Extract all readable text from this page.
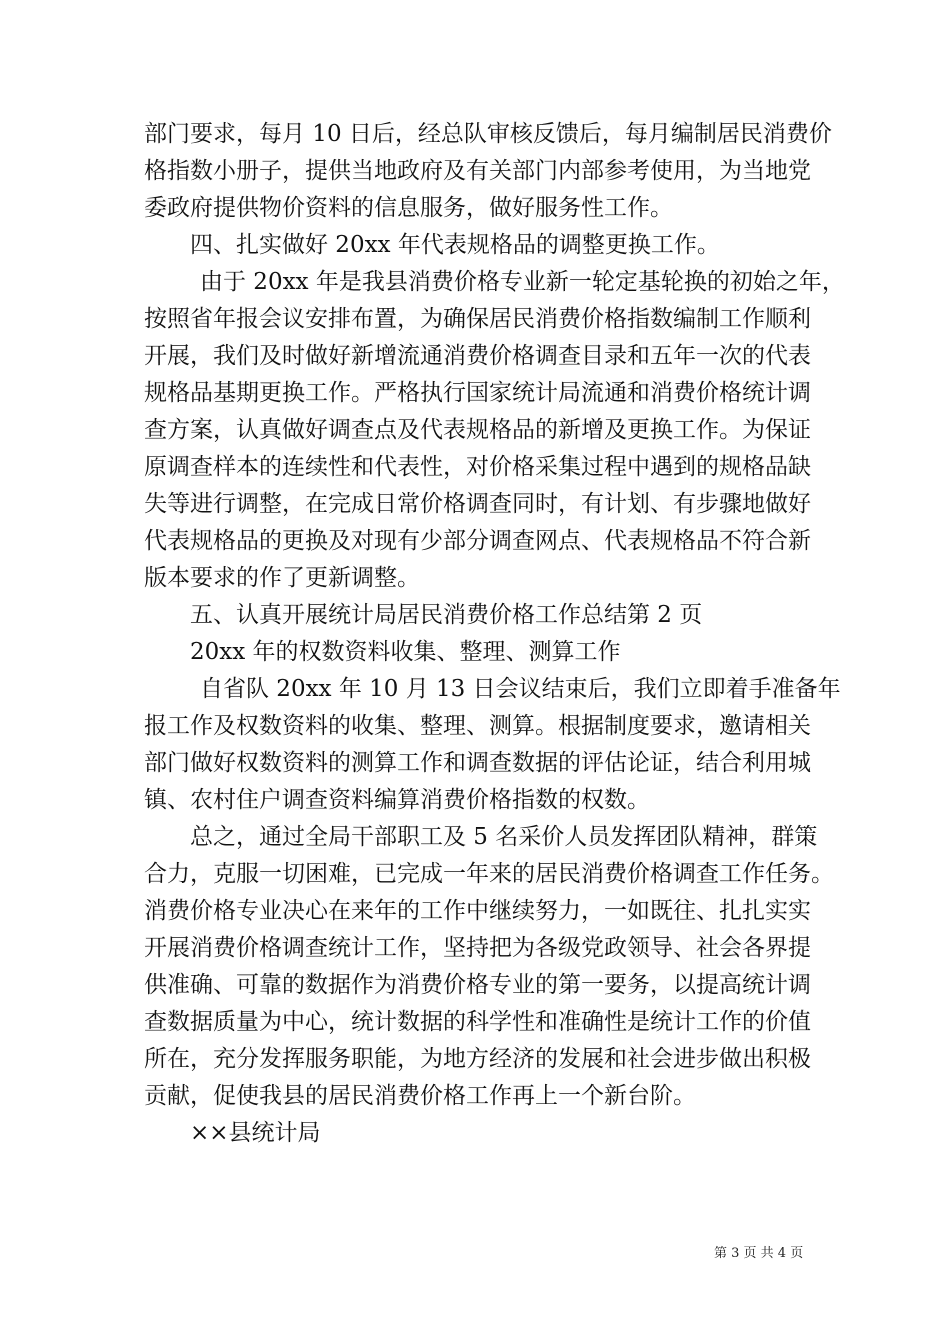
部门要求，每月 10 日后，经总队审核反馈后，每月编制居民消费价
格指数小册子，提供当地政府及有关部门内部参考使用，为当地党
委政府提供物价资料的信息服务，做好服务性工作。
四、扎实做好 20xx 年代表规格品的调整更换工作。
由于 20xx 年是我县消费价格专业新一轮定基轮换的初始之年，
按照省年报会议安排布置，为确保居民消费价格指数编制工作顺利
开展，我们及时做好新增流通消费价格调查目录和五年一次的代表
规格品基期更换工作。严格执行国家统计局流通和消费价格统计调
查方案，认真做好调查点及代表规格品的新增及更换工作。为保证
原调查样本的连续性和代表性，对价格采集过程中遇到的规格品缺
失等进行调整，在完成日常价格调查同时，有计划、有步骤地做好
代表规格品的更换及对现有少部分调查网点、代表规格品不符合新
版本要求的作了更新调整。
五、认真开展统计局居民消费价格工作总结第 2 页
20xx 年的权数资料收集、整理、测算工作
自省队 20xx 年 10 月 13 日会议结束后，我们立即着手准备年
报工作及权数资料的收集、整理、测算。根据制度要求，邀请相关
部门做好权数资料的测算工作和调查数据的评估论证，结合利用城
镇、农村住户调查资料编算消费价格指数的权数。
总之，通过全局干部职工及 5 名采价人员发挥团队精神，群策
合力，克服一切困难，已完成一年来的居民消费价格调查工作任务。
消费价格专业决心在来年的工作中继续努力，一如既往、扎扎实实
开展消费价格调查统计工作，坚持把为各级党政领导、社会各界提
供准确、可靠的数据作为消费价格专业的第一要务，以提高统计调
查数据质量为中心，统计数据的科学性和准确性是统计工作的价值
所在，充分发挥服务职能，为地方经济的发展和社会进步做出积极
贡献，促使我县的居民消费价格工作再上一个新台阶。
××县统计局
第 3 页 共 4 页
